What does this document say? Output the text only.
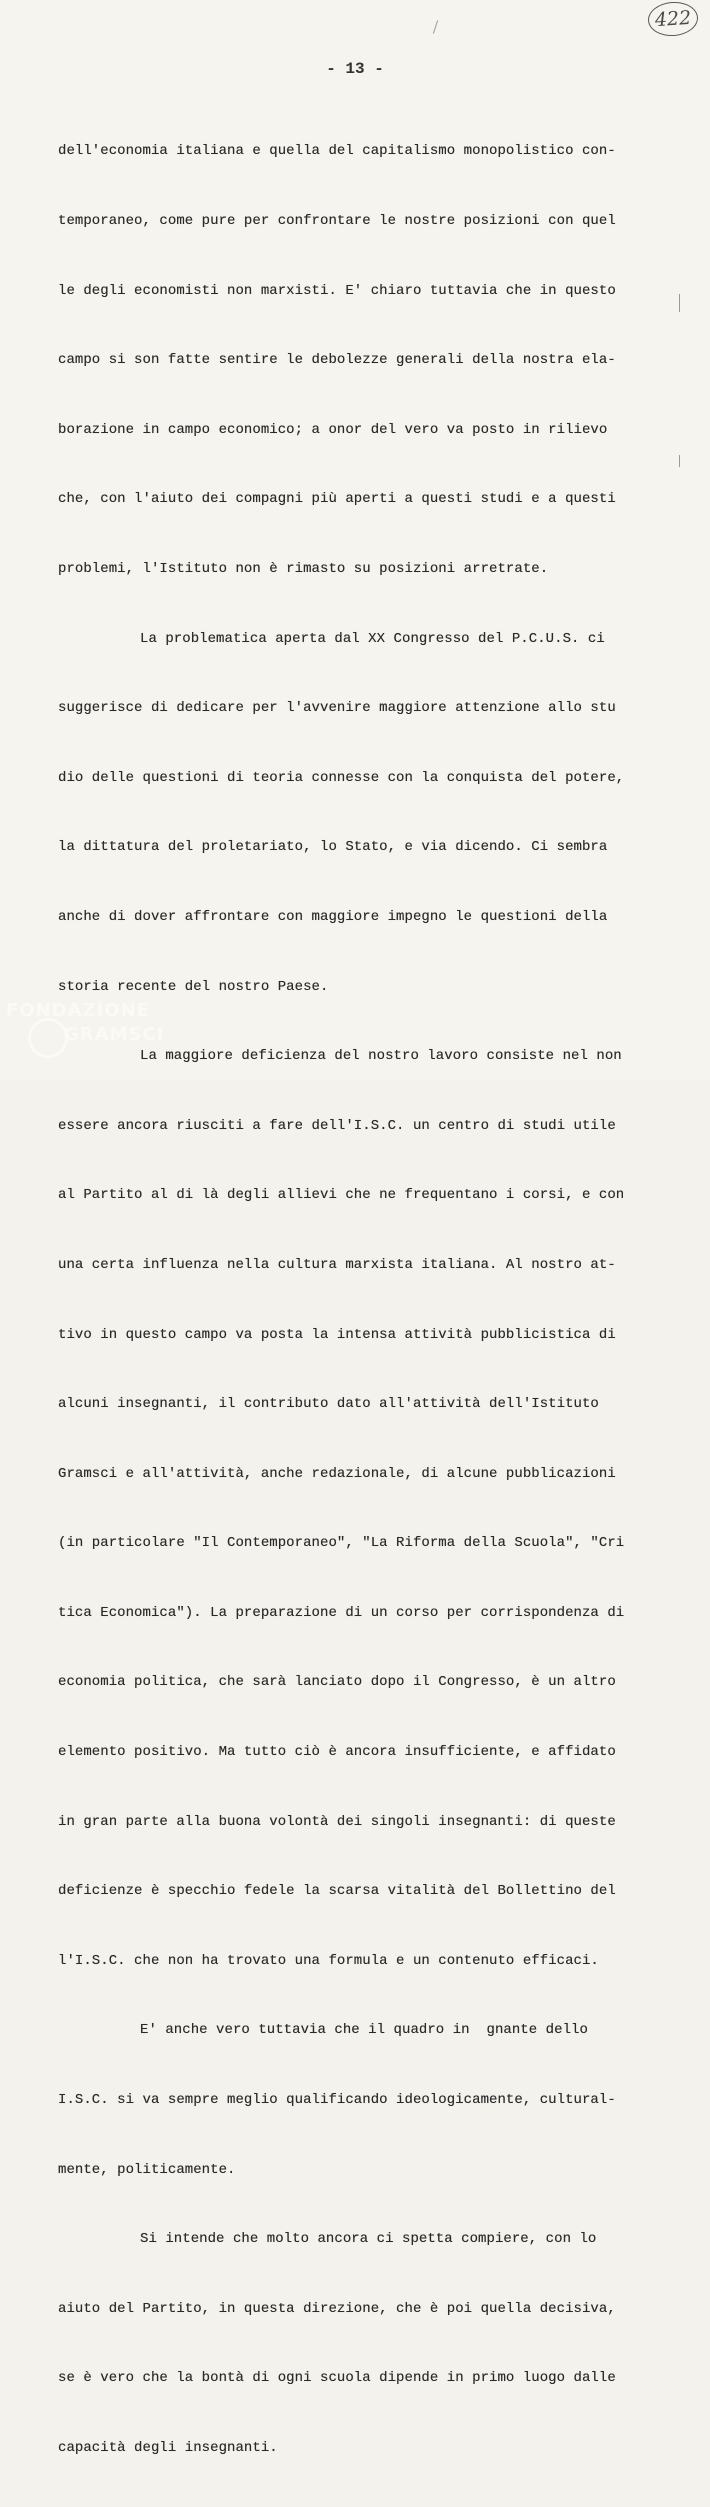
422
- 13 -

dell'economia italiana e quella del capitalismo monopolistico con-

temporaneo, come pure per confrontare le nostre posizioni con quel

le degli economisti non marxisti. E' chiaro tuttavia che in questo

campo si son fatte sentire le debolezze generali della nostra ela-

borazione in campo economico; a onor del vero va posto in rilievo

che, con l'aiuto dei compagni più aperti a questi studi e a questi

problemi, l'Istituto non è rimasto su posizioni arretrate.

La problematica aperta dal XX Congresso del P.C.U.S. ci

suggerisce di dedicare per l'avvenire maggiore attenzione allo stu

dio delle questioni di teoria connesse con la conquista del potere,

la dittatura del proletariato, lo Stato, e via dicendo. Ci sembra

anche di dover affrontare con maggiore impegno le questioni della

storia recente del nostro Paese.

La maggiore deficienza del nostro lavoro consiste nel non

essere ancora riusciti a fare dell'I.S.C. un centro di studi utile

al Partito al di là degli allievi che ne frequentano i corsi, e con

una certa influenza nella cultura marxista italiana. Al nostro at-

tivo in questo campo va posta la intensa attività pubblicistica di

alcuni insegnanti, il contributo dato all'attività dell'Istituto

Gramsci e all'attività, anche redazionale, di alcune pubblicazioni

(in particolare "Il Contemporaneo", "La Riforma della Scuola", "Cri

tica Economica"). La preparazione di un corso per corrispondenza di

economia politica, che sarà lanciato dopo il Congresso, è un altro

elemento positivo. Ma tutto ciò è ancora insufficiente, e affidato

in gran parte alla buona volontà dei singoli insegnanti: di queste

deficienze è specchio fedele la scarsa vitalità del Bollettino del

l'I.S.C. che non ha trovato una formula e un contenuto efficaci.

E' anche vero tuttavia che il quadro in  gnante dello

I.S.C. si va sempre meglio qualificando ideologicamente, cultural-

mente, politicamente.

Si intende che molto ancora ci spetta compiere, con lo

aiuto del Partito, in questa direzione, che è poi quella decisiva,

se è vero che la bontà di ogni scuola dipende in primo luogo dalle

capacità degli insegnanti.

FONDAZIONE
GRAMSCI
